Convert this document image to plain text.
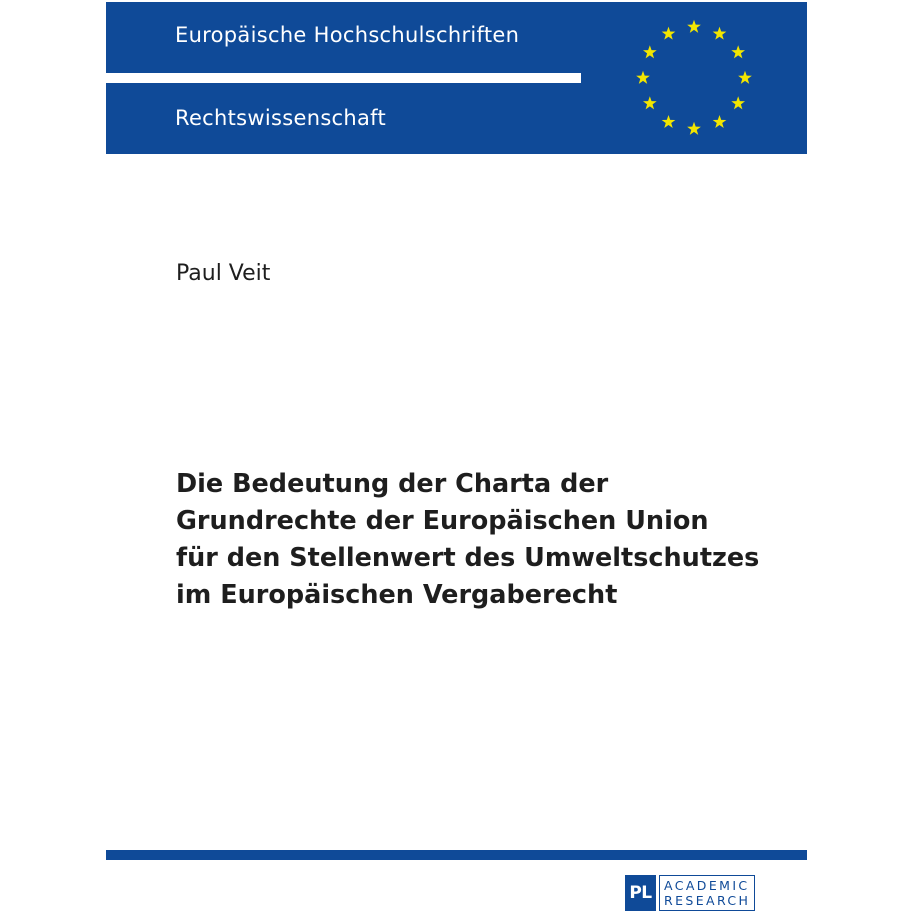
Europäische Hochschulschriften
Rechtswissenschaft
Paul Veit
Die Bedeutung der Charta der
Grundrechte der Europäischen Union
für den Stellenwert des Umweltschutzes
im Europäischen Vergaberecht
PL ACADEMIC
RESEARCH
